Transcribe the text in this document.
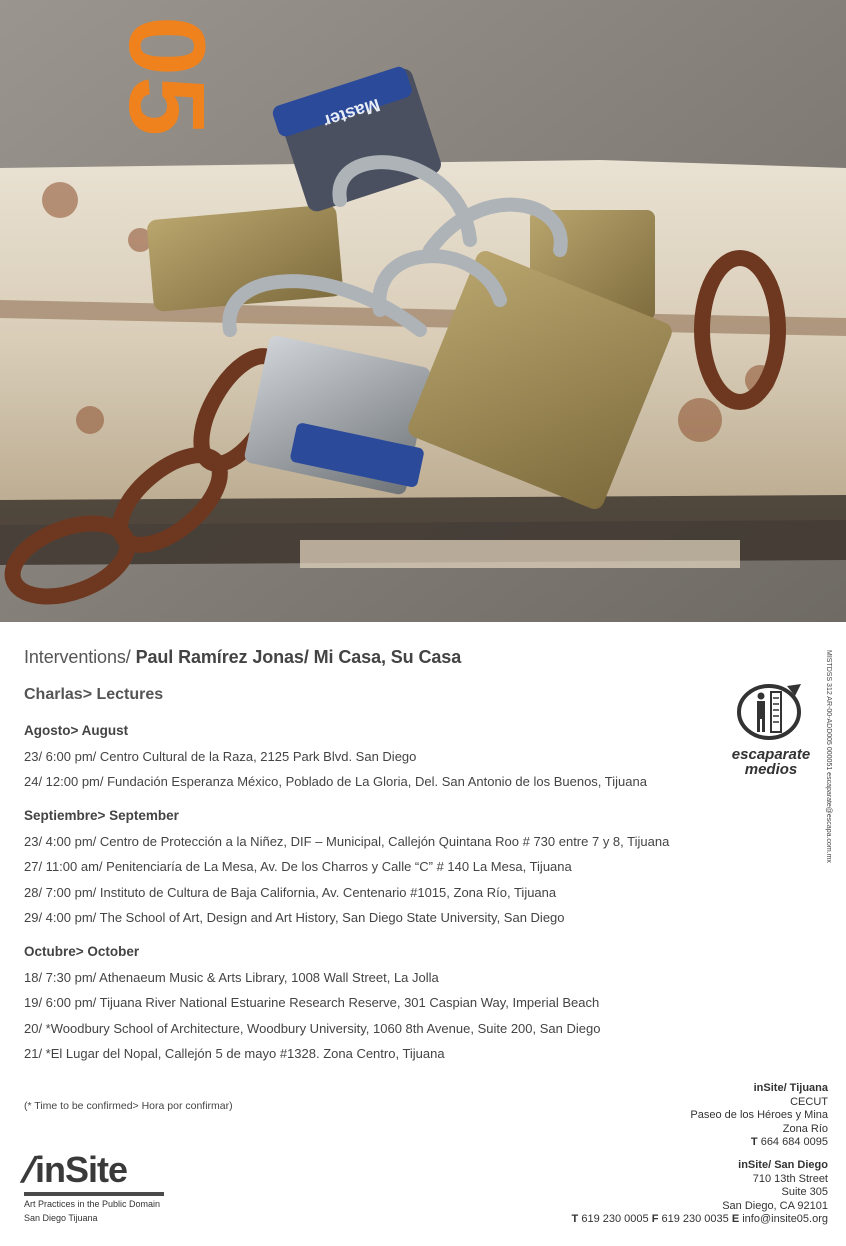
Master
05
Interventions/ Paul Ramírez Jonas/ Mi Casa, Su Casa
Charlas> Lectures
Agosto> August
23/ 6:00 pm/ Centro Cultural de la Raza, 2125 Park Blvd. San Diego
24/ 12:00 pm/ Fundación Esperanza México, Poblado de La Gloria, Del. San Antonio de los Buenos, Tijuana
Septiembre> September
23/ 4:00 pm/ Centro de Protección a la Niñez, DIF – Municipal, Callejón Quintana Roo # 730 entre 7 y 8, Tijuana
27/ 11:00 am/ Penitenciaría de La Mesa, Av. De los Charros y Calle “C” # 140 La Mesa, Tijuana
28/ 7:00 pm/ Instituto de Cultura de Baja California, Av. Centenario #1015, Zona Río, Tijuana
29/ 4:00 pm/ The School of Art, Design and Art History, San Diego State University, San Diego
Octubre> October
18/ 7:30 pm/ Athenaeum Music & Arts Library, 1008 Wall Street, La Jolla
19/ 6:00 pm/ Tijuana River National Estuarine Research Reserve, 301 Caspian Way, Imperial Beach
20/ *Woodbury School of Architecture, Woodbury University, 1060 8th Avenue, Suite 200, San Diego
21/ *El Lugar del Nopal, Callejón 5 de mayo #1328. Zona Centro, Tijuana
(* Time to be confirmed> Hora por confirmar)
escaparate
medios	MISTDSS 312 AR-00-ADD005 000051 escaparate@escapa.com.mx
inSite/ Tijuana
CECUT
Paseo de los Héroes y Mina
Zona Río
T 664 684 0095
inSite/ San Diego
710 13th Street
Suite 305
San Diego, CA 92101
T 619 230 0005 F 619 230 0035 E info@insite05.org
/inSite
Art Practices in the Public Domain
San Diego Tijuana
